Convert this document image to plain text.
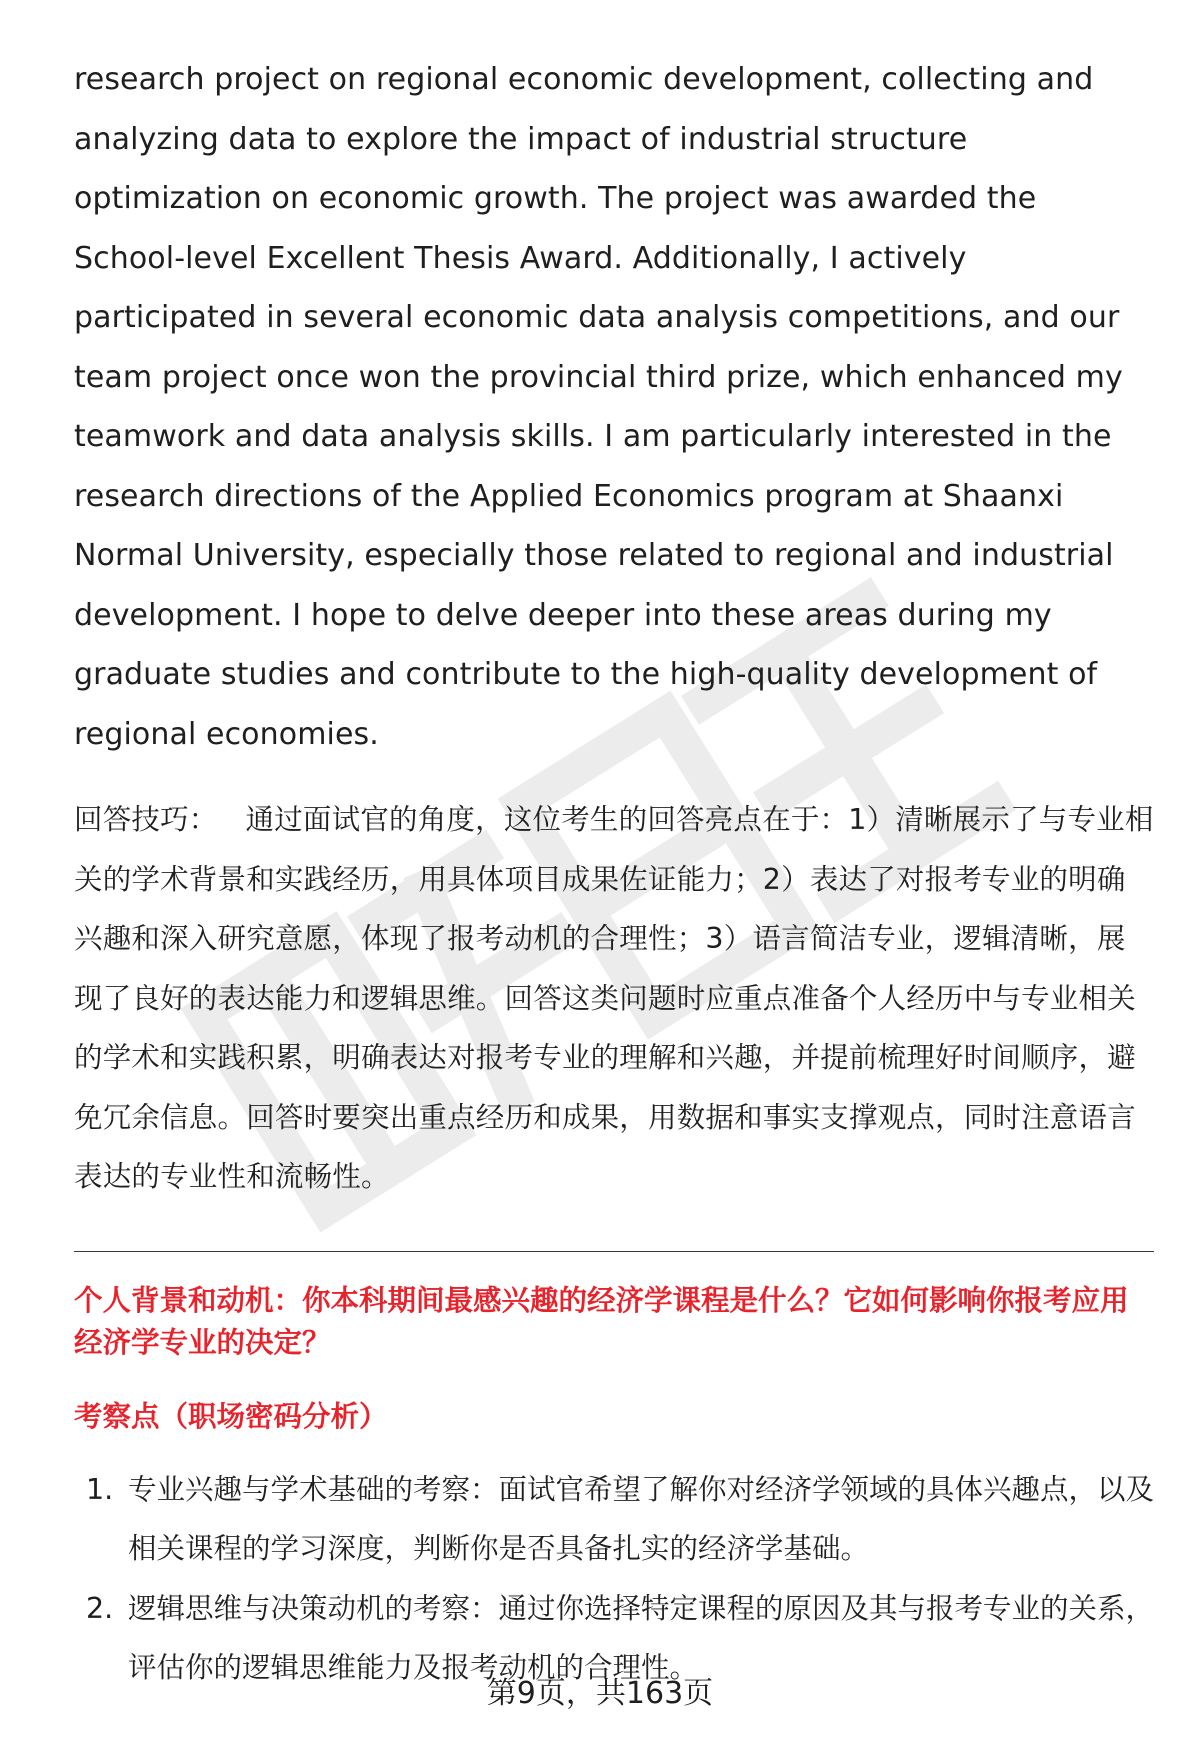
research project on regional economic development, collecting and analyzing data to explore the impact of industrial structure optimization on economic growth. The project was awarded the School-level Excellent Thesis Award. Additionally, I actively participated in several economic data analysis competitions, and our team project once won the provincial third prize, which enhanced my teamwork and data analysis skills. I am particularly interested in the research directions of the Applied Economics program at Shaanxi Normal University, especially those related to regional and industrial development. I hope to delve deeper into these areas during my graduate studies and contribute to the high-quality development of regional economies.

回答技巧： 通过面试官的角度，这位考生的回答亮点在于：1）清晰展示了与专业相关的学术背景和实践经历，用具体项目成果佐证能力；2）表达了对报考专业的明确兴趣和深入研究意愿，体现了报考动机的合理性；3）语言简洁专业，逻辑清晰，展现了良好的表达能力和逻辑思维。回答这类问题时应重点准备个人经历中与专业相关的学术和实践积累，明确表达对报考专业的理解和兴趣，并提前梳理好时间顺序，避免冗余信息。回答时要突出重点经历和成果，用数据和事实支撑观点，同时注意语言表达的专业性和流畅性。

个人背景和动机：你本科期间最感兴趣的经济学课程是什么？它如何影响你报考应用经济学专业的决定？
考察点（职场密码分析）
1. 专业兴趣与学术基础的考察：面试官希望了解你对经济学领域的具体兴趣点，以及相关课程的学习深度，判断你是否具备扎实的经济学基础。
2. 逻辑思维与决策动机的考察：通过你选择特定课程的原因及其与报考专业的关系，评估你的逻辑思维能力及报考动机的合理性。
第9页，共163页
